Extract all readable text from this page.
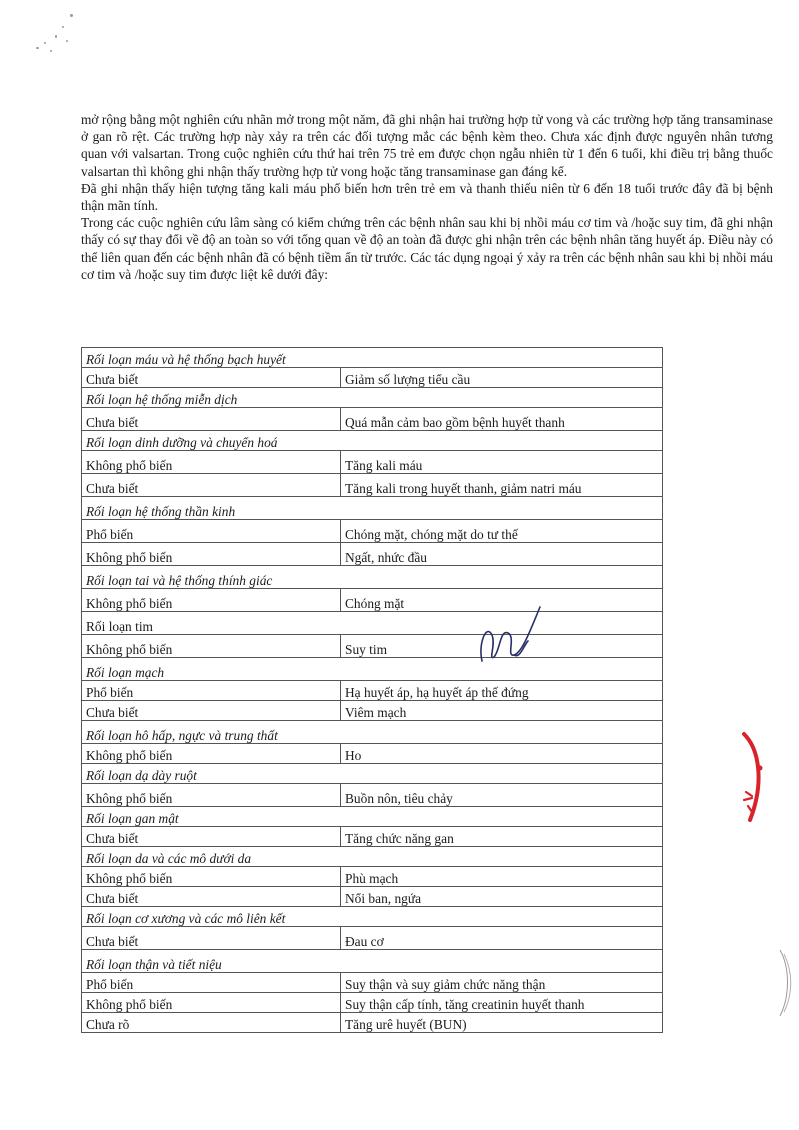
mở rộng bằng một nghiên cứu nhãn mở trong một năm, đã ghi nhận hai trường hợp tử vong và các trường hợp tăng transaminase ở gan rõ rệt. Các trường hợp này xảy ra trên các đối tượng mắc các bệnh kèm theo. Chưa xác định được nguyên nhân tương quan với valsartan. Trong cuộc nghiên cứu thứ hai trên 75 trẻ em được chọn ngẫu nhiên từ 1 đến 6 tuổi, khi điều trị bằng thuốc valsartan thì không ghi nhận thấy trường hợp tử vong hoặc tăng transaminase gan đáng kể.

Đã ghi nhận thấy hiện tượng tăng kali máu phổ biến hơn trên trẻ em và thanh thiếu niên từ 6 đến 18 tuổi trước đây đã bị bệnh thận mãn tính.

Trong các cuộc nghiên cứu lâm sàng có kiểm chứng trên các bệnh nhân sau khi bị nhồi máu cơ tim và /hoặc suy tim, đã ghi nhận thấy có sự thay đổi về độ an toàn so với tổng quan về độ an toàn đã được ghi nhận trên các bệnh nhân tăng huyết áp. Điều này có thể liên quan đến các bệnh nhân đã có bệnh tiềm ẩn từ trước. Các tác dụng ngoại ý xảy ra trên các bệnh nhân sau khi bị nhồi máu cơ tim và /hoặc suy tim được liệt kê dưới đây:

Rối loạn máu và hệ thống bạch huyết	
Chưa biết	Giảm số lượng tiểu cầu
Rối loạn hệ thống miễn dịch	
Chưa biết	Quá mẫn cảm bao gồm bệnh huyết thanh
Rối loạn dinh dưỡng và chuyển hoá	
Không phổ biến	Tăng kali máu
Chưa biết	Tăng kali trong huyết thanh, giảm natri máu
Rối loạn hệ thống thần kinh	
Phổ biến	Chóng mặt, chóng mặt do tư thế
Không phổ biến	Ngất, nhức đầu
Rối loạn tai và hệ thống thính giác	
Không phổ biến	Chóng mặt
Rối loạn tim	
Không phổ biến	Suy tim
Rối loạn mạch	
Phổ biến	Hạ huyết áp, hạ huyết áp thế đứng
Chưa biết	Viêm mạch
Rối loạn hô hấp, ngực và trung thất	
Không phổ biến	Ho
Rối loạn dạ dày ruột	
Không phổ biến	Buồn nôn, tiêu chảy
Rối loạn gan mật	
Chưa biết	Tăng chức năng gan
Rối loạn da và các mô dưới da	
Không phổ biến	Phù mạch
Chưa biết	Nổi ban, ngứa
Rối loạn cơ xương và các mô liên kết	
Chưa biết	Đau cơ
Rối loạn thận và tiết niệu	
Phổ biến	Suy thận và suy giảm chức năng thận
Không phổ biến	Suy thận cấp tính, tăng creatinin huyết thanh
Chưa rõ	Tăng urê huyết (BUN)
